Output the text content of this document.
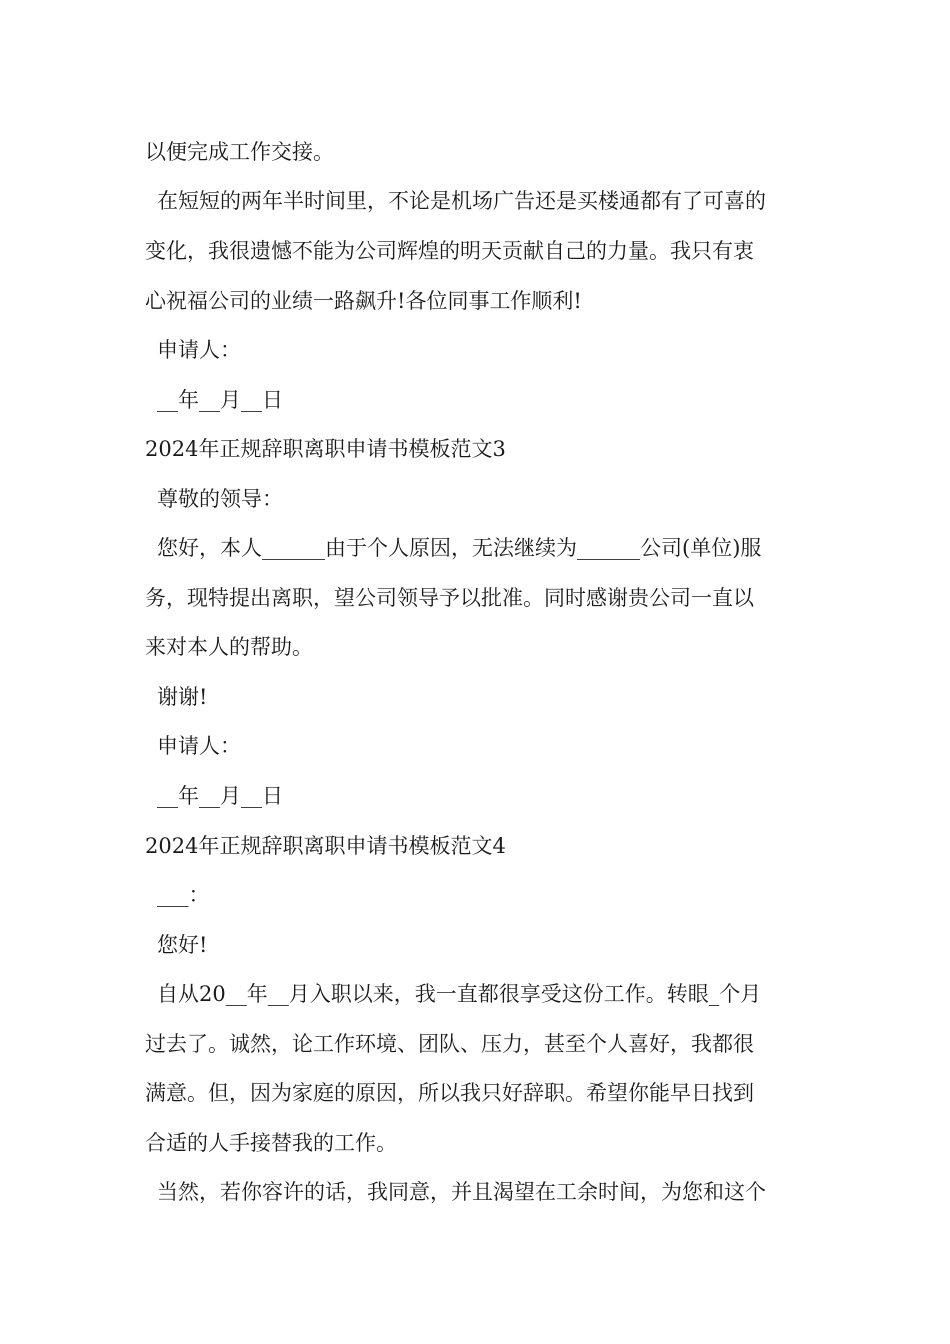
以便完成工作交接。
在短短的两年半时间里，不论是机场广告还是买楼通都有了可喜的
变化，我很遗憾不能为公司辉煌的明天贡献自己的力量。我只有衷
心祝福公司的业绩一路飙升!各位同事工作顺利!
申请人：
__年__月__日
2024年正规辞职离职申请书模板范文3
尊敬的领导：
您好，本人______由于个人原因，无法继续为______公司(单位)服
务，现特提出离职，望公司领导予以批准。同时感谢贵公司一直以
来对本人的帮助。
谢谢!
申请人：
__年__月__日
2024年正规辞职离职申请书模板范文4
___：
您好!
自从20__年__月入职以来，我一直都很享受这份工作。转眼_个月
过去了。诚然，论工作环境、团队、压力，甚至个人喜好，我都很
满意。但，因为家庭的原因，所以我只好辞职。希望你能早日找到
合适的人手接替我的工作。
当然，若你容许的话，我同意，并且渴望在工余时间，为您和这个
